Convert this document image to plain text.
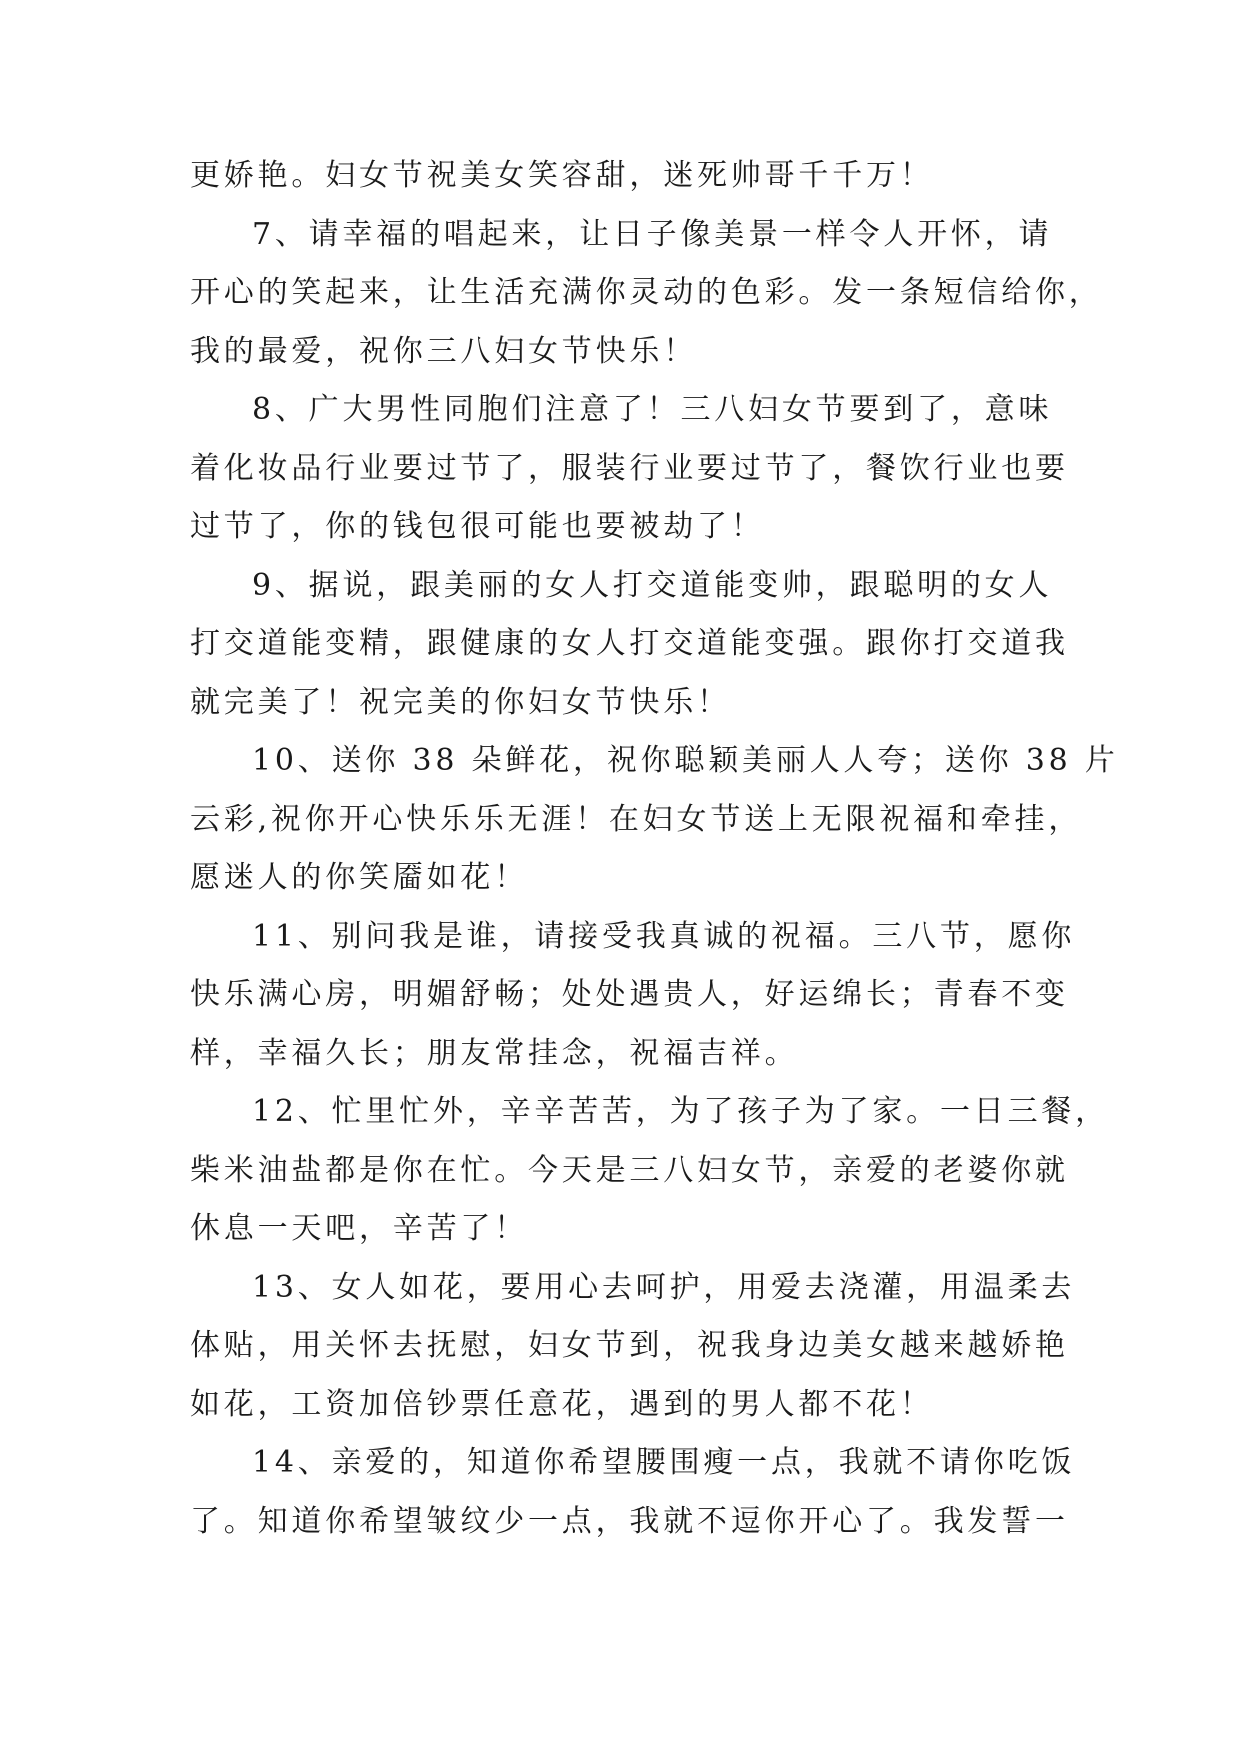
更娇艳。妇女节祝美女笑容甜，迷死帅哥千千万！
7、请幸福的唱起来，让日子像美景一样令人开怀，请
开心的笑起来，让生活充满你灵动的色彩。发一条短信给你，
我的最爱，祝你三八妇女节快乐！
8、广大男性同胞们注意了！三八妇女节要到了，意味
着化妆品行业要过节了，服装行业要过节了，餐饮行业也要
过节了，你的钱包很可能也要被劫了！
9、据说，跟美丽的女人打交道能变帅，跟聪明的女人
打交道能变精，跟健康的女人打交道能变强。跟你打交道我
就完美了！祝完美的你妇女节快乐！
10、送你 38 朵鲜花，祝你聪颖美丽人人夸；送你 38 片
云彩,祝你开心快乐乐无涯！在妇女节送上无限祝福和牵挂，
愿迷人的你笑靥如花！
11、别问我是谁，请接受我真诚的祝福。三八节，愿你
快乐满心房，明媚舒畅；处处遇贵人，好运绵长；青春不变
样，幸福久长；朋友常挂念，祝福吉祥。
12、忙里忙外，辛辛苦苦，为了孩子为了家。一日三餐，
柴米油盐都是你在忙。今天是三八妇女节，亲爱的老婆你就
休息一天吧，辛苦了！
13、女人如花，要用心去呵护，用爱去浇灌，用温柔去
体贴，用关怀去抚慰，妇女节到，祝我身边美女越来越娇艳
如花，工资加倍钞票任意花，遇到的男人都不花！
14、亲爱的，知道你希望腰围瘦一点，我就不请你吃饭
了。知道你希望皱纹少一点，我就不逗你开心了。我发誓一
